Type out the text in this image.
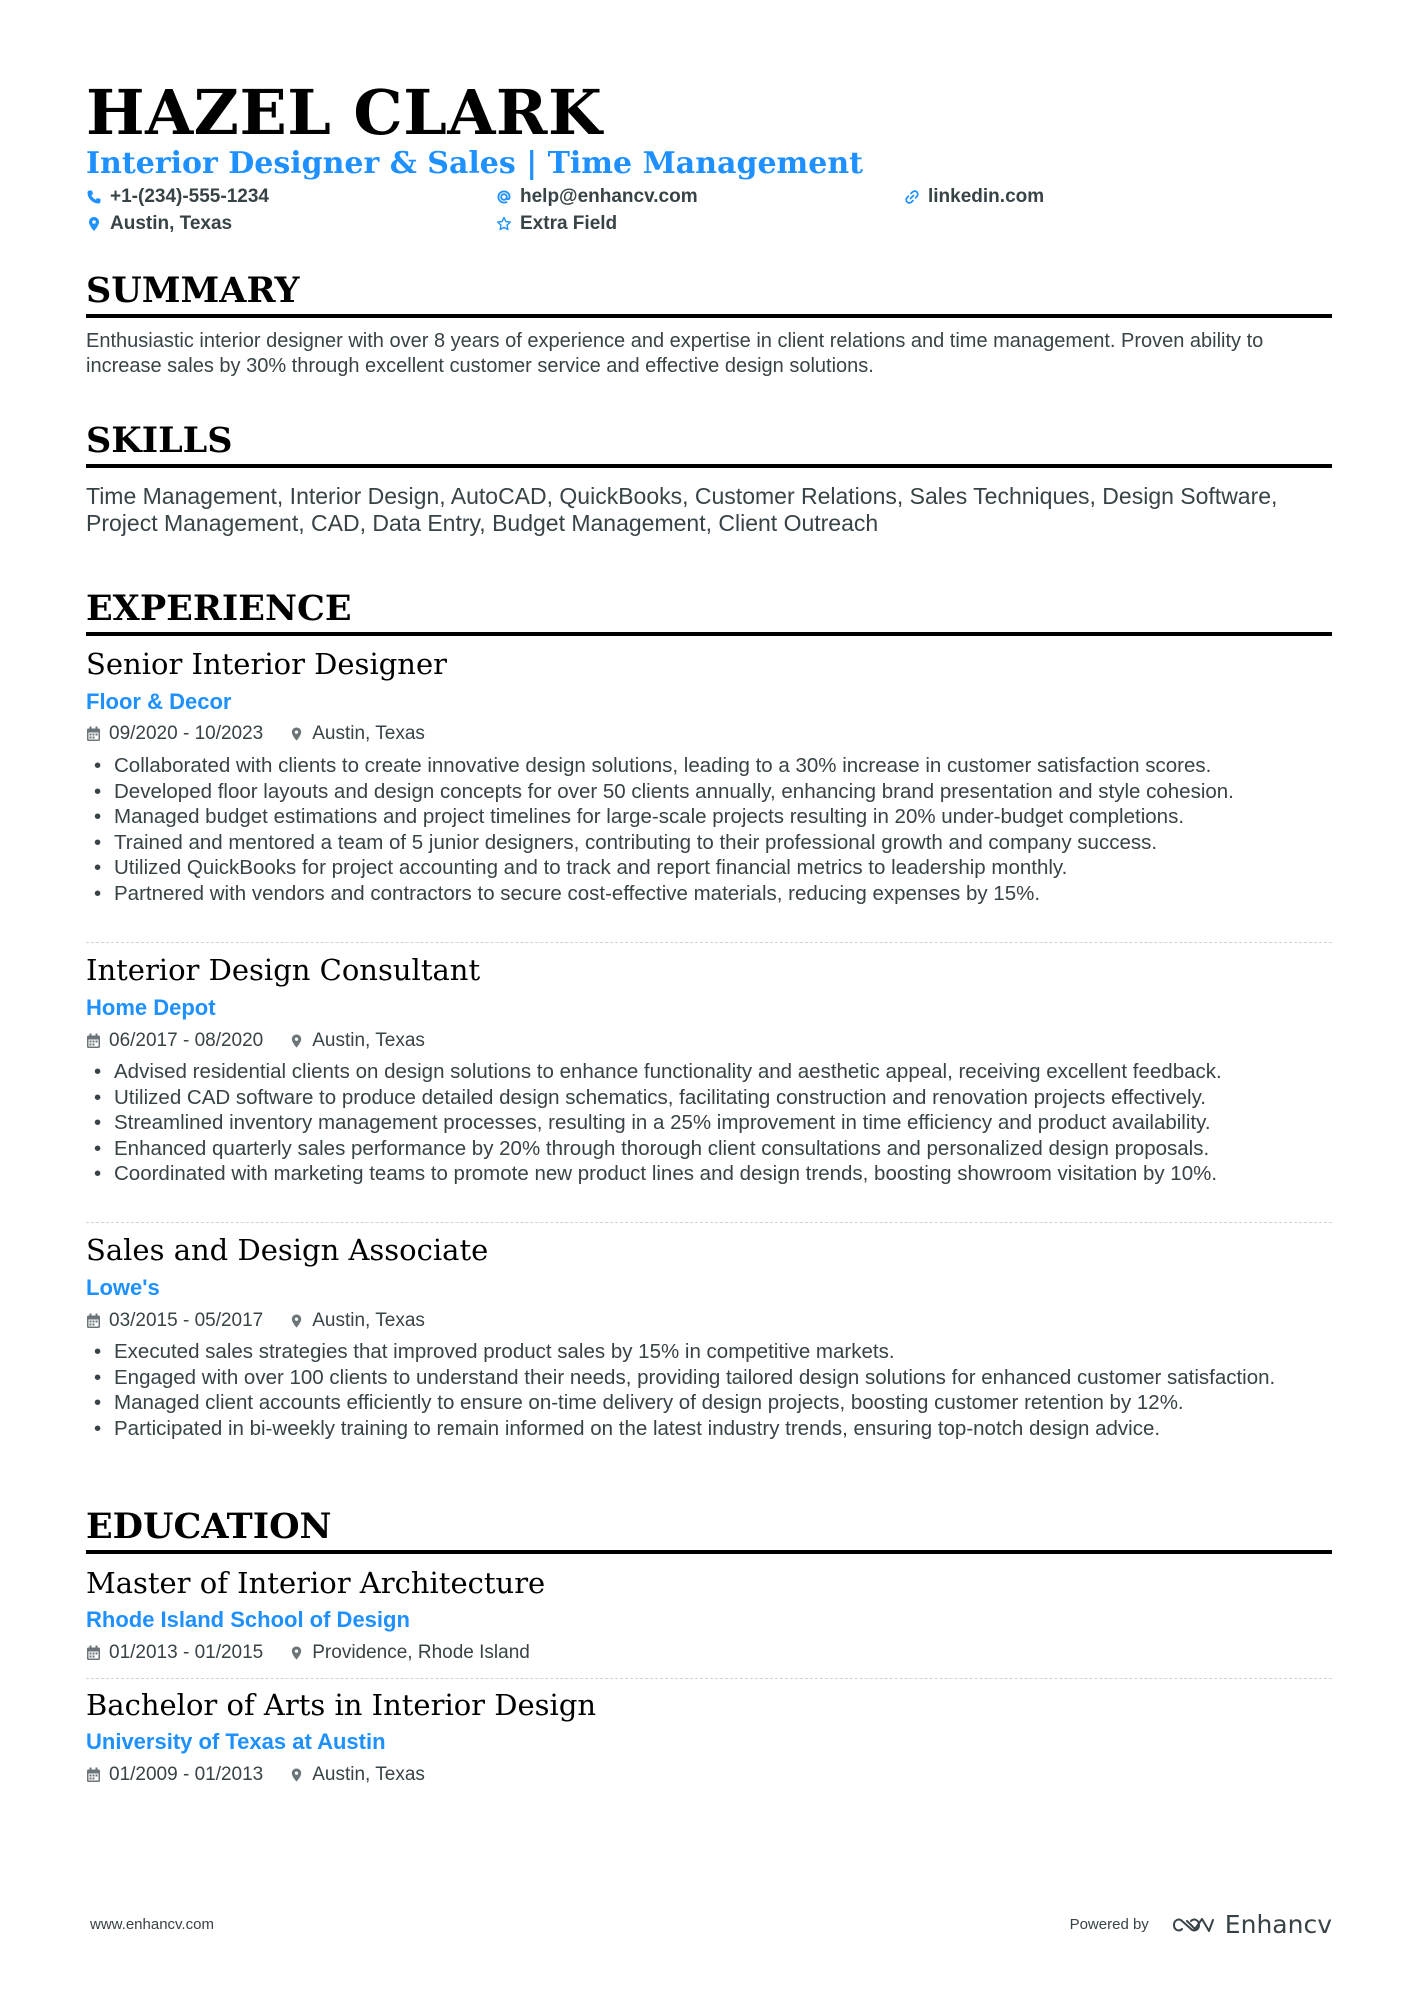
HAZEL CLARK
Interior Designer & Sales | Time Management
+1-(234)-555-1234	help@enhancv.com	linkedin.com
Austin, Texas	Extra Field
SUMMARY
Enthusiastic interior designer with over 8 years of experience and expertise in client relations and time management. Proven ability to increase sales by 30% through excellent customer service and effective design solutions.
SKILLS
Time Management, Interior Design, AutoCAD, QuickBooks, Customer Relations, Sales Techniques, Design Software, Project Management, CAD, Data Entry, Budget Management, Client Outreach
EXPERIENCE
Senior Interior Designer
Floor & Decor
09/2020 - 10/2023	Austin, Texas
• Collaborated with clients to create innovative design solutions, leading to a 30% increase in customer satisfaction scores.
• Developed floor layouts and design concepts for over 50 clients annually, enhancing brand presentation and style cohesion.
• Managed budget estimations and project timelines for large-scale projects resulting in 20% under-budget completions.
• Trained and mentored a team of 5 junior designers, contributing to their professional growth and company success.
• Utilized QuickBooks for project accounting and to track and report financial metrics to leadership monthly.
• Partnered with vendors and contractors to secure cost-effective materials, reducing expenses by 15%.
Interior Design Consultant
Home Depot
06/2017 - 08/2020	Austin, Texas
• Advised residential clients on design solutions to enhance functionality and aesthetic appeal, receiving excellent feedback.
• Utilized CAD software to produce detailed design schematics, facilitating construction and renovation projects effectively.
• Streamlined inventory management processes, resulting in a 25% improvement in time efficiency and product availability.
• Enhanced quarterly sales performance by 20% through thorough client consultations and personalized design proposals.
• Coordinated with marketing teams to promote new product lines and design trends, boosting showroom visitation by 10%.
Sales and Design Associate
Lowe's
03/2015 - 05/2017	Austin, Texas
• Executed sales strategies that improved product sales by 15% in competitive markets.
• Engaged with over 100 clients to understand their needs, providing tailored design solutions for enhanced customer satisfaction.
• Managed client accounts efficiently to ensure on-time delivery of design projects, boosting customer retention by 12%.
• Participated in bi-weekly training to remain informed on the latest industry trends, ensuring top-notch design advice.
EDUCATION
Master of Interior Architecture
Rhode Island School of Design
01/2013 - 01/2015	Providence, Rhode Island
Bachelor of Arts in Interior Design
University of Texas at Austin
01/2009 - 01/2013	Austin, Texas
www.enhancv.com	Powered by	Enhancv
